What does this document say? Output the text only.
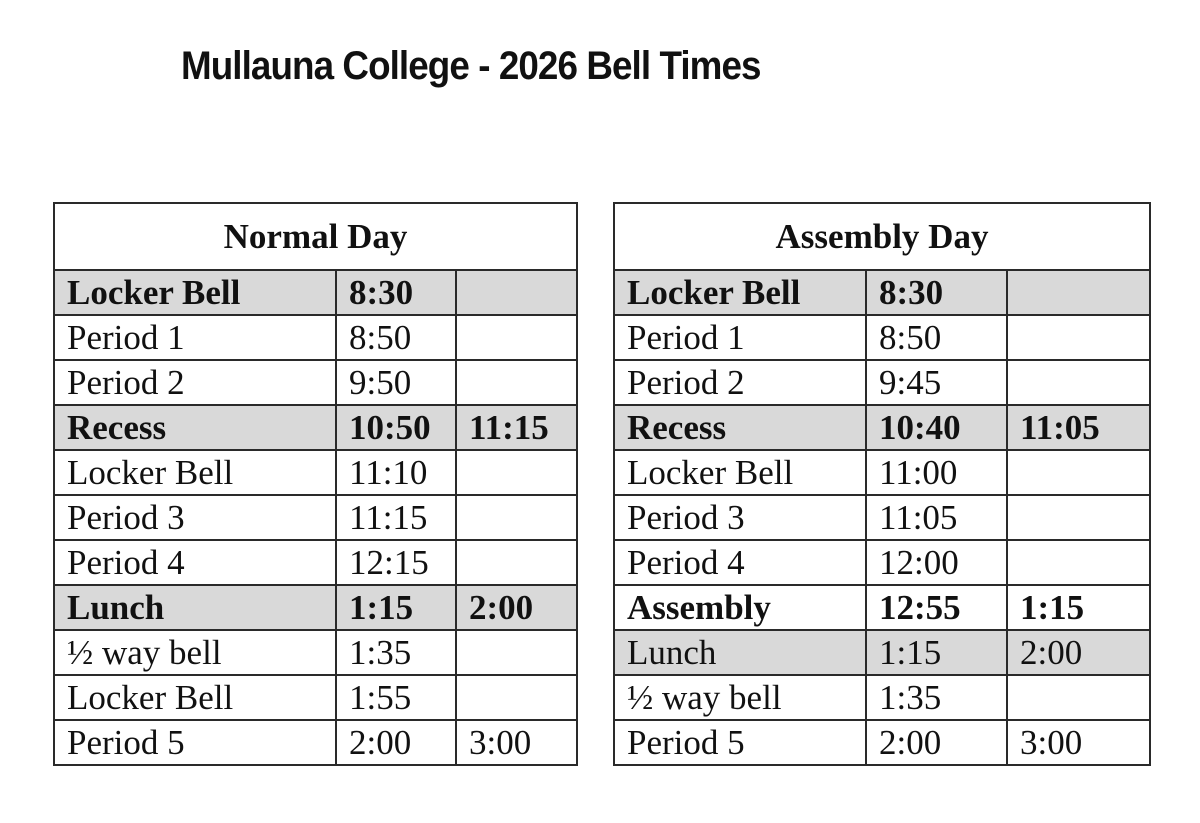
Mullauna College - 2026 Bell Times
Normal Day		
Locker Bell	8:30	
Period 1	8:50	
Period 2	9:50	
Recess	10:50	11:15
Locker Bell	11:10	
Period 3	11:15	
Period 4	12:15	
Lunch	1:15	2:00
½ way bell	1:35	
Locker Bell	1:55	
Period 5	2:00	3:00
Assembly Day		
Locker Bell	8:30	
Period 1	8:50	
Period 2	9:45	
Recess	10:40	11:05
Locker Bell	11:00	
Period 3	11:05	
Period 4	12:00	
Assembly	12:55	1:15
Lunch	1:15	2:00
½ way bell	1:35	
Period 5	2:00	3:00
